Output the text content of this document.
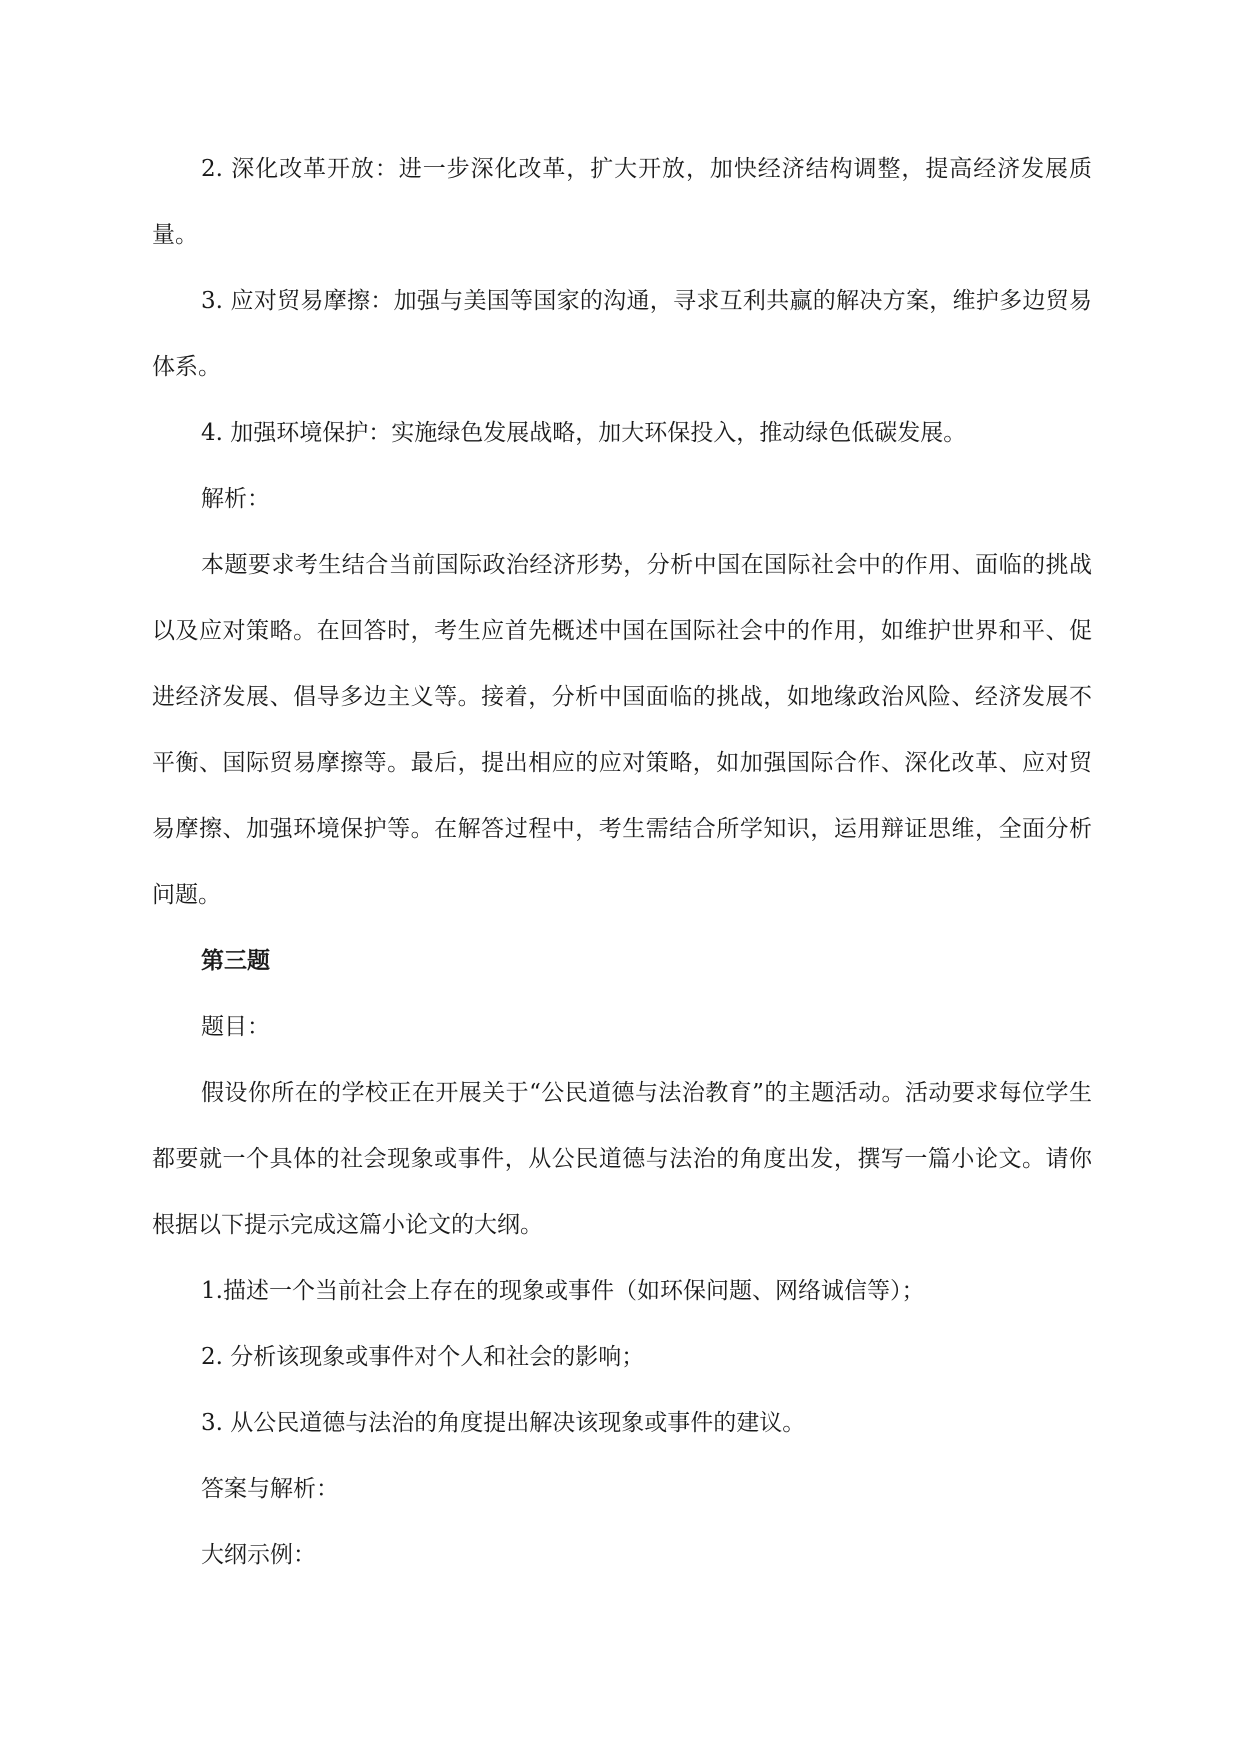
2. 深化改革开放：进一步深化改革，扩大开放，加快经济结构调整，提高经济发展质量。

3. 应对贸易摩擦：加强与美国等国家的沟通，寻求互利共赢的解决方案，维护多边贸易体系。

4. 加强环境保护：实施绿色发展战略，加大环保投入，推动绿色低碳发展。

解析：

本题要求考生结合当前国际政治经济形势，分析中国在国际社会中的作用、面临的挑战以及应对策略。在回答时，考生应首先概述中国在国际社会中的作用，如维护世界和平、促进经济发展、倡导多边主义等。接着，分析中国面临的挑战，如地缘政治风险、经济发展不平衡、国际贸易摩擦等。最后，提出相应的应对策略，如加强国际合作、深化改革、应对贸易摩擦、加强环境保护等。在解答过程中，考生需结合所学知识，运用辩证思维，全面分析问题。

第三题

题目：

假设你所在的学校正在开展关于“公民道德与法治教育”的主题活动。活动要求每位学生都要就一个具体的社会现象或事件，从公民道德与法治的角度出发，撰写一篇小论文。请你根据以下提示完成这篇小论文的大纲。

1.描述一个当前社会上存在的现象或事件（如环保问题、网络诚信等）；

2. 分析该现象或事件对个人和社会的影响；

3. 从公民道德与法治的角度提出解决该现象或事件的建议。

答案与解析：

大纲示例：
